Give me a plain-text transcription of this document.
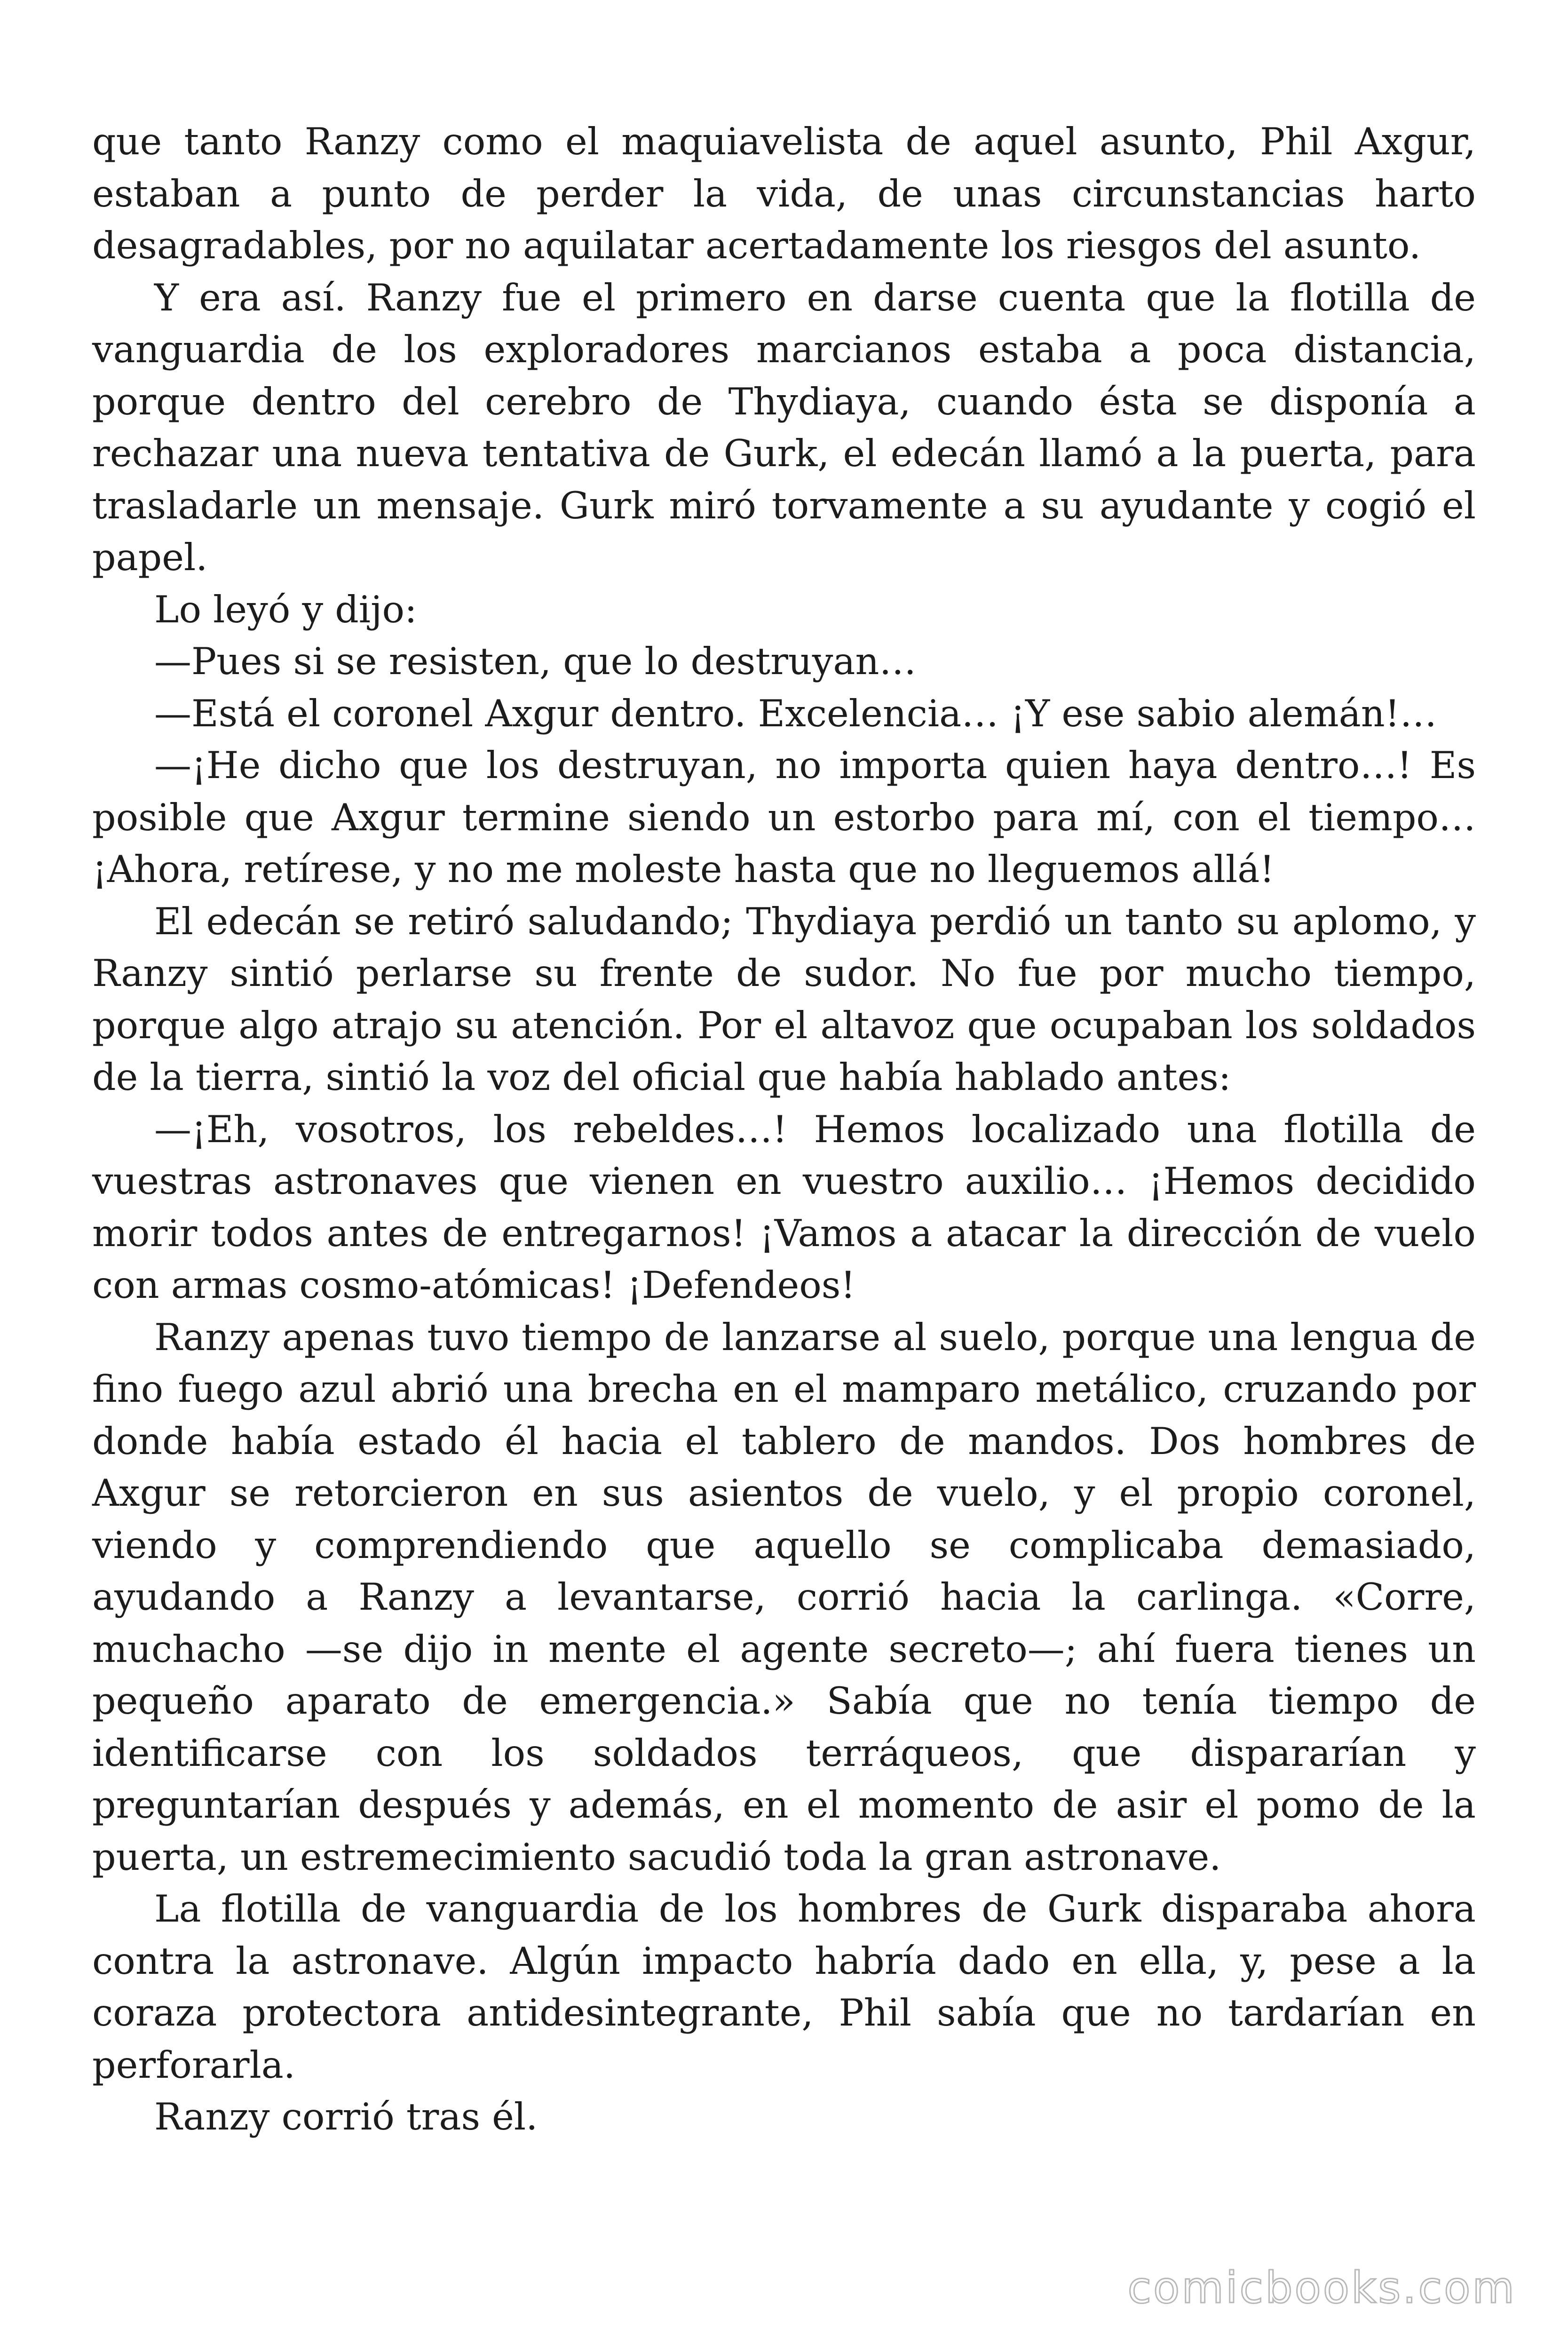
que tanto Ranzy como el maquiavelista de aquel asunto, Phil Axgur, estaban a punto de perder la vida, de unas circunstancias harto desagradables, por no aquilatar acertadamente los riesgos del asunto.

Y era así. Ranzy fue el primero en darse cuenta que la flotilla de vanguardia de los exploradores marcianos estaba a poca distancia, porque dentro del cerebro de Thydiaya, cuando ésta se disponía a rechazar una nueva tentativa de Gurk, el edecán llamó a la puerta, para trasladarle un mensaje. Gurk miró torvamente a su ayudante y cogió el papel.

Lo leyó y dijo:

—Pues si se resisten, que lo destruyan…

—Está el coronel Axgur dentro. Excelencia… ¡Y ese sabio alemán!…

—¡He dicho que los destruyan, no importa quien haya dentro…! Es posible que Axgur termine siendo un estorbo para mí, con el tiempo… ¡Ahora, retírese, y no me moleste hasta que no lleguemos allá!

El edecán se retiró saludando; Thydiaya perdió un tanto su aplomo, y Ranzy sintió perlarse su frente de sudor. No fue por mucho tiempo, porque algo atrajo su atención. Por el altavoz que ocupaban los soldados de la tierra, sintió la voz del oficial que había hablado antes:

—¡Eh, vosotros, los rebeldes…! Hemos localizado una flotilla de vuestras astronaves que vienen en vuestro auxilio… ¡Hemos decidido morir todos antes de entregarnos! ¡Vamos a atacar la dirección de vuelo con armas cosmo-atómicas! ¡Defendeos!

Ranzy apenas tuvo tiempo de lanzarse al suelo, porque una lengua de fino fuego azul abrió una brecha en el mamparo metálico, cruzando por donde había estado él hacia el tablero de mandos. Dos hombres de Axgur se retorcieron en sus asientos de vuelo, y el propio coronel, viendo y comprendiendo que aquello se complicaba demasiado, ayudando a Ranzy a levantarse, corrió hacia la carlinga. «Corre, muchacho —se dijo in mente el agente secreto—; ahí fuera tienes un pequeño aparato de emergencia.» Sabía que no tenía tiempo de identificarse con los soldados terráqueos, que dispararían y preguntarían después y además, en el momento de asir el pomo de la puerta, un estremecimiento sacudió toda la gran astronave.

La flotilla de vanguardia de los hombres de Gurk disparaba ahora contra la astronave. Algún impacto habría dado en ella, y, pese a la coraza protectora antidesintegrante, Phil sabía que no tardarían en perforarla.

Ranzy corrió tras él.

comicbooks.com
